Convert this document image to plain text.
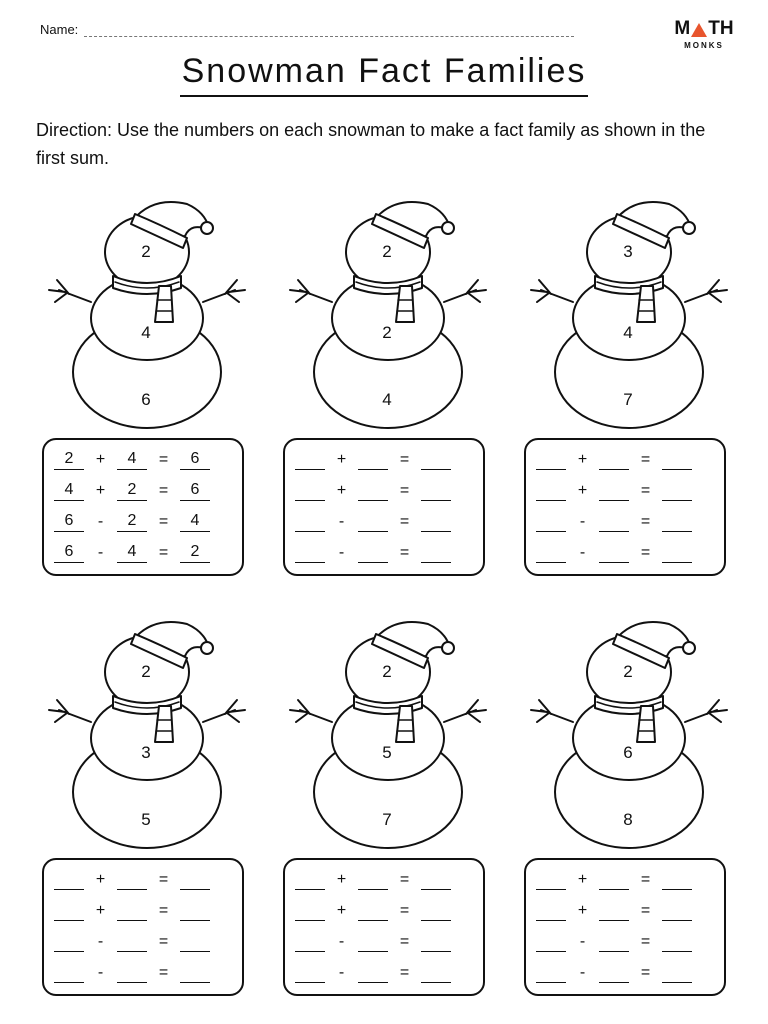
Name:	M TH
MONKS
Snowman Fact Families
Direction: Use the numbers on each snowman to make a fact family as shown in the first sum.
2
4
6
2	+	4	=	6
4	+	2	=	6
6	-	2	=	4
6	-	4	=	2
2
2
4
+	=
+	=
-	=
-	=
3
4
7
+	=
+	=
-	=
-	=
2
3
5
+	=
+	=
-	=
-	=
2
5
7
+	=
+	=
-	=
-	=
2
6
8
+	=
+	=
-	=
-	=
